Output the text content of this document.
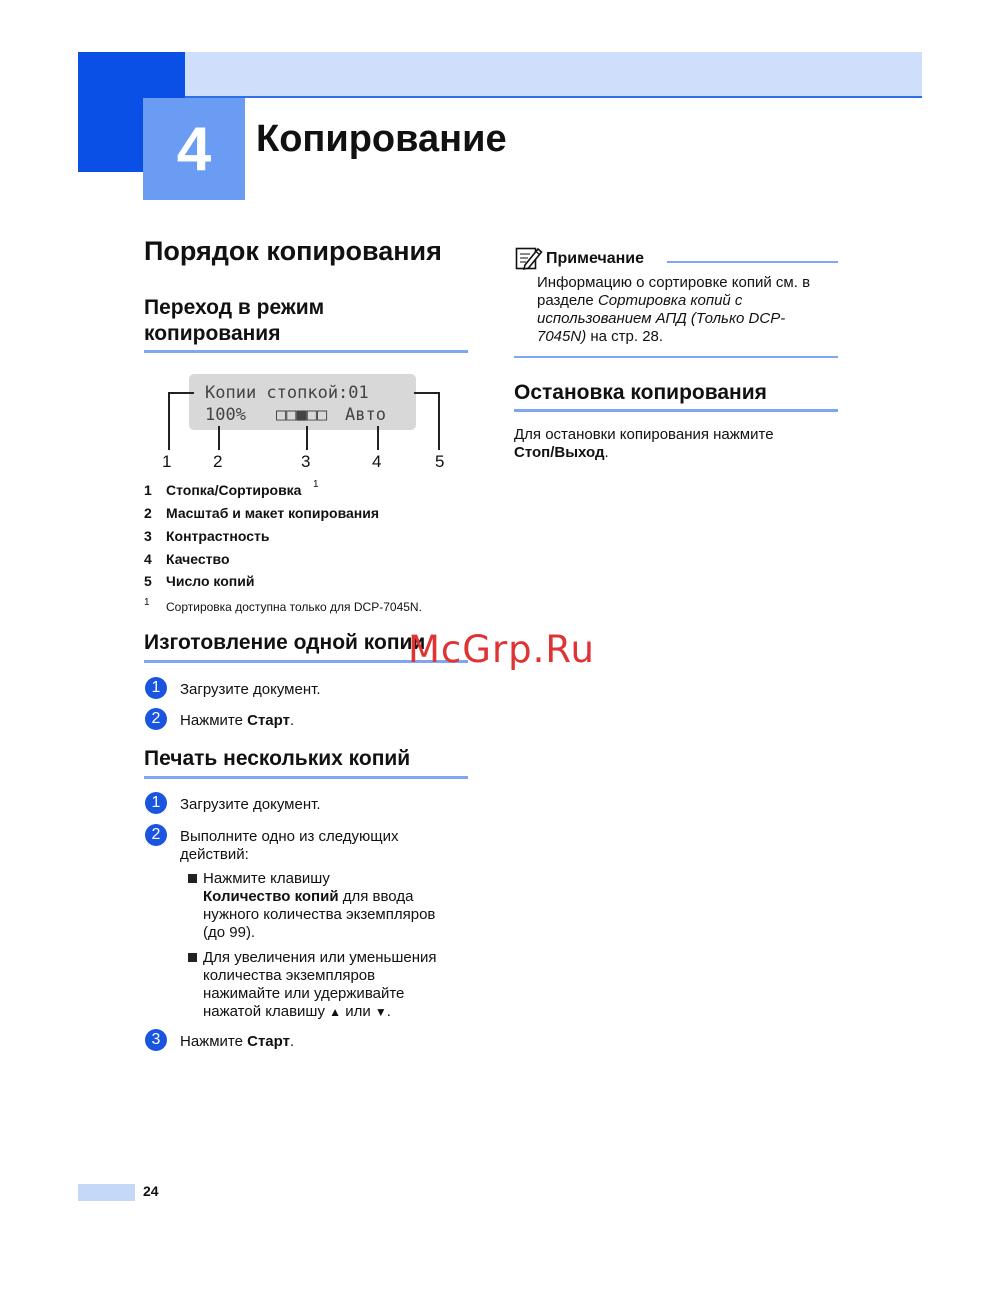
4	Копирование
Порядок копирования
Переход в режим
копирования
Копии стопкой:01
100% □□■□□ Авто
1 2	3	4	5
1 Стопка/Сортировка 1
2 Масштаб и макет копирования
3 Контрастность
4 Качество
5 Число копий
1 Сортировка доступна только для DCP-7045N.
Изготовление одной копии
1	Загрузите документ.
2	Нажмите Старт.
Печать нескольких копий
1	Загрузите документ.
2	Выполните одно из следующих
действий:
Нажмите клавишу
Количество копий для ввода
нужного количества экземпляров
(до 99).
Для увеличения или уменьшения
количества экземпляров
нажимайте или удерживайте
нажатой клавишу ▲ или ▼.
3	Нажмите Старт.
Примечание
Информацию о сортировке копий см. в
разделе Сортировка копий с
использованием АПД (Только DCP-
7045N) на стр. 28.
Остановка копирования
Для остановки копирования нажмите
Стоп/Выход.
McGrp.Ru
24
